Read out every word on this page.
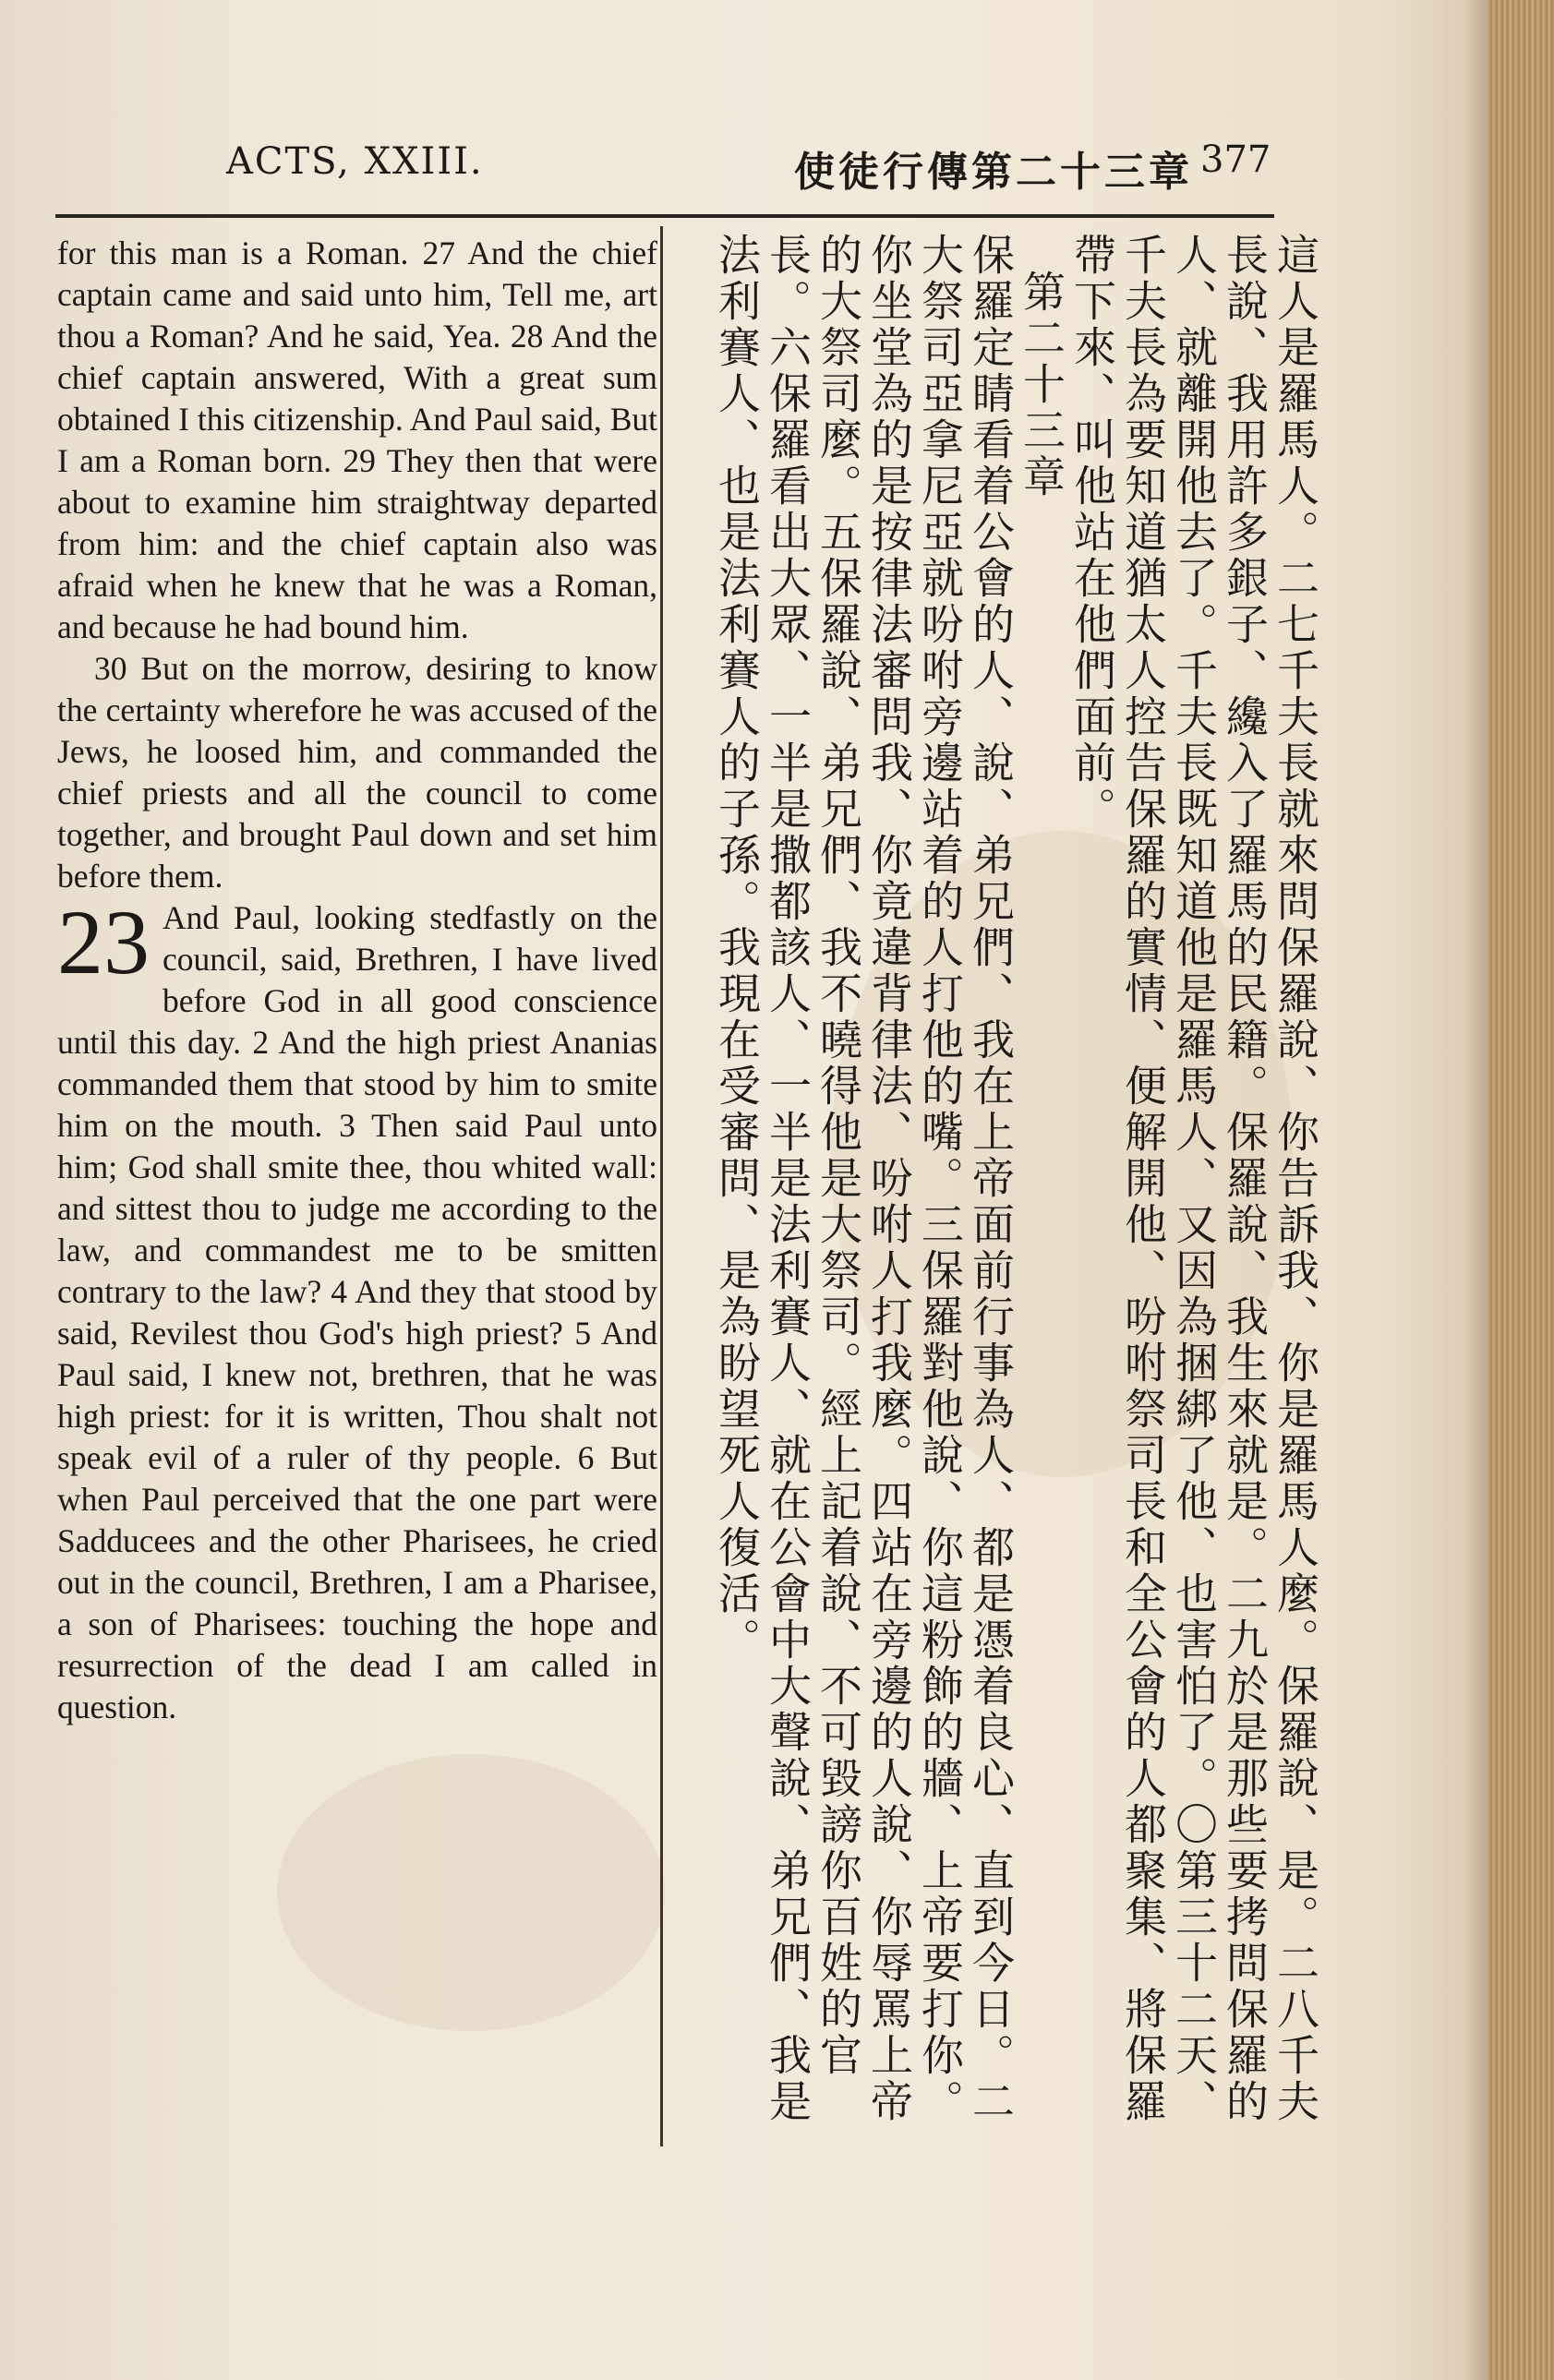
ACTS, XXIII.	使徒行傳第二十三章 377

for this man is a Roman. 27 And the chief captain came and said unto him, Tell me, art thou a Roman? And he said, Yea. 28 And the chief captain answered, With a great sum obtained I this citizenship. And Paul said, But I am a Roman born. 29 They then that were about to examine him straightway departed from him: and the chief captain also was afraid when he knew that he was a Roman, and because he had bound him.

30 But on the morrow, desiring to know the certainty wherefore he was accused of the Jews, he loosed him, and commanded the chief priests and all the council to come together, and brought Paul down and set him before them.

23 And Paul, looking stedfastly on the council, said, Brethren, I have lived before God in all good conscience until this day. 2 And the high priest Ananias commanded them that stood by him to smite him on the mouth. 3 Then said Paul unto him; God shall smite thee, thou whited wall: and sittest thou to judge me according to the law, and commandest me to be smitten contrary to the law? 4 And they that stood by said, Revilest thou God's high priest? 5 And Paul said, I knew not, brethren, that he was high priest: for it is written, Thou shalt not speak evil of a ruler of thy people. 6 But when Paul perceived that the one part were Sadducees and the other Pharisees, he cried out in the council, Brethren, I am a Pharisee, a son of Pharisees: touching the hope and resurrection of the dead I am called in question.	這人是羅馬人。二七千夫長就來問保羅說、你告訴我、你是羅馬人麼。保羅說、是。二八千夫長說、我用許多銀子、纔入了羅馬的民籍。保羅說、我生來就是。二九於是那些要拷問保羅的人、就離開他去了。千夫長既知道他是羅馬人、又因為捆綁了他、也害怕了。〇第三十二天、千夫長為要知道猶太人控告保羅的實情、便解開他、吩咐祭司長和全公會的人都聚集、將保羅帶下來、叫他站在他們面前。

第二十三章

保羅定睛看着公會的人、說、弟兄們、我在上帝面前行事為人、都是憑着良心、直到今日。二大祭司亞拿尼亞就吩咐旁邊站着的人打他的嘴。三保羅對他說、你這粉飾的牆、上帝要打你。你坐堂為的是按律法審問我、你竟違背律法、吩咐人打我麼。四站在旁邊的人說、你辱罵上帝的大祭司麼。五保羅說、弟兄們、我不曉得他是大祭司。經上記着說、不可毀謗你百姓的官長。六保羅看出大眾、一半是撒都該人、一半是法利賽人、就在公會中大聲說、弟兄們、我是法利賽人、也是法利賽人的子孫。我現在受審問、是為盼望死人復活。
